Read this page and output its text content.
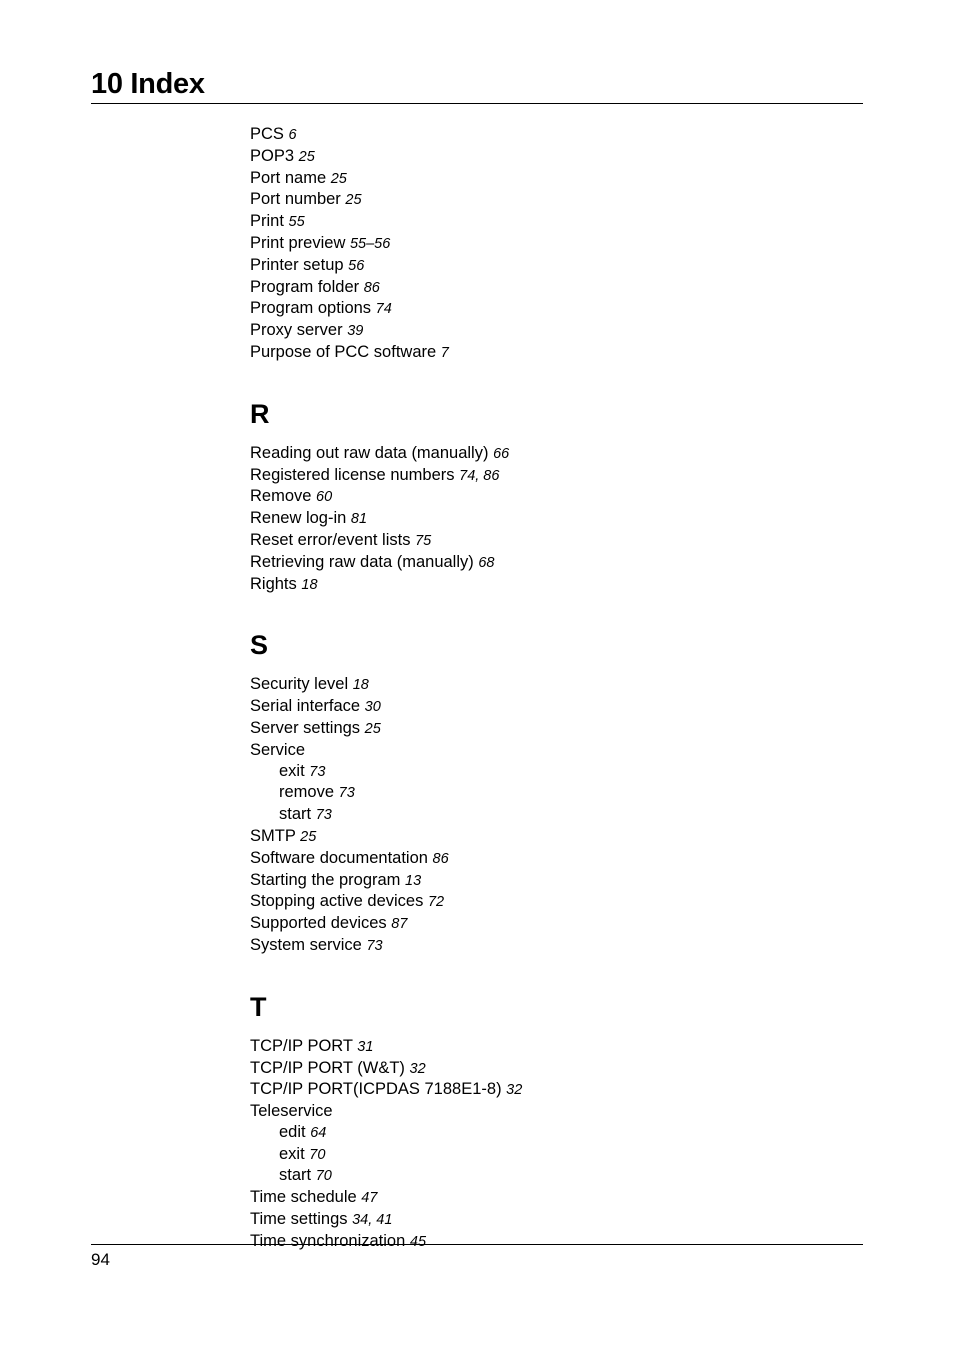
10 Index
PCS 6
POP3 25
Port name 25
Port number 25
Print 55
Print preview 55–56
Printer setup 56
Program folder 86
Program options 74
Proxy server 39
Purpose of PCC software 7
R
Reading out raw data (manually) 66
Registered license numbers 74, 86
Remove 60
Renew log-in 81
Reset error/event lists 75
Retrieving raw data (manually) 68
Rights 18
S
Security level 18
Serial interface 30
Server settings 25
Service
exit 73
remove 73
start 73
SMTP 25
Software documentation 86
Starting the program 13
Stopping active devices 72
Supported devices 87
System service 73
T
TCP/IP PORT 31
TCP/IP PORT (W&T) 32
TCP/IP PORT(ICPDAS 7188E1-8) 32
Teleservice
edit 64
exit 70
start 70
Time schedule 47
Time settings 34, 41
Time synchronization 45
94
